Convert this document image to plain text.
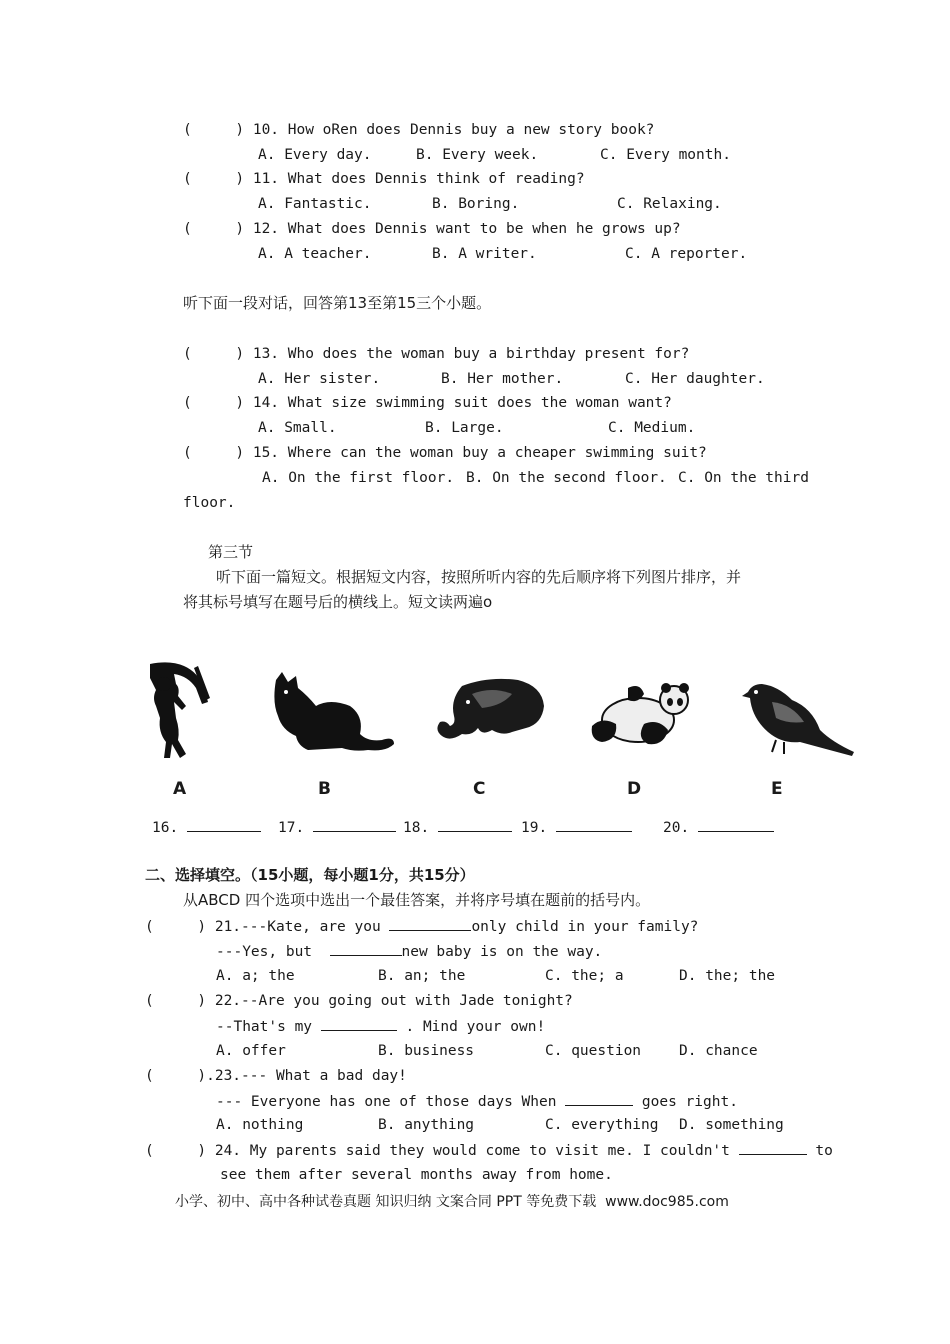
(     ) 10. How oRen does Dennis buy a new story book?
A. Every day.	B. Every week.	C. Every month.
(     ) 11. What does Dennis think of reading?
A. Fantastic.	B. Boring.	C. Relaxing.
(     ) 12. What does Dennis want to be when he grows up?
A. A teacher.	B. A writer.	C. A reporter.
听下面一段对话，回答第13至第15三个小题。
(     ) 13. Who does the woman buy a birthday present for?
A. Her sister.	B. Her mother.	C. Her daughter.
(     ) 14. What size swimming suit does the woman want?
A. Small.	B. Large.	C. Medium.
(     ) 15. Where can the woman buy a cheaper swimming suit?
A. On the first floor. B. On the second floor. C. On the third
floor.
第三节
听下面一篇短文。根据短文内容，按照所听内容的先后顺序将下列图片排序，并
将其标号填写在题号后的横线上。短文读两遍o
A	B	C	D	E
16.	17.	18.	19.	20.
二、选择填空。（15小题，每小题1分，共15分）
从ABCD 四个选项中选出一个最佳答案，并将序号填在题前的括号内。
(     ) 21.---Kate, are you	only child in your family?
---Yes, but	new baby is on the way.
A. a; the	B. an; the	C. the; a	D. the; the
(     ) 22.--Are you going out with Jade tonight?
--That's my	. Mind your own!
A. offer	B. business	C. question	D. chance
(     ).23.--- What a bad day!
--- Everyone has one of those days When	goes right.
A. nothing	B. anything	C. everything D. something
(     ) 24. My parents said they would come to visit me. I couldn't	to
see them after several months away from home.
小学、初中、高中各种试卷真题 知识归纳 文案合同 PPT 等免费下载  www.doc985.com
